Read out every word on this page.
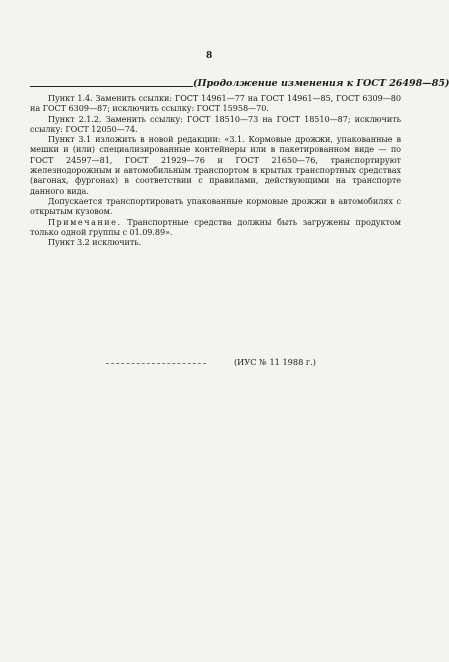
8
(Продолжение изменения к ГОСТ 26498—85)

Пункт 1.4. Заменить ссылки: ГОСТ 14961—77 на ГОСТ 14961—85, ГОСТ 6309—80 на ГОСТ 6309—87; исключить ссылку: ГОСТ 15958—70.

Пункт 2.1.2. Заменить ссылку: ГОСТ 18510—73 на ГОСТ 18510—87; исключить ссылку: ГОСТ 12050—74.

Пункт 3.1 изложить в новой редакции: «3.1. Кормовые дрожжи, упакованные в мешки и (или) специализированные контейнеры или в пакетированном виде — по ГОСТ 24597—81, ГОСТ 21929—76 и ГОСТ 21650—76, транспортируют железнодорожным и автомобильным транспортом в крытых транспортных средствах (вагонах, фургонах) в соответствии с правилами, действующими на транспорте данного вида.

Допускается транспортировать упакованные кормовые дрожжи в автомобилях с открытым кузовом.

Примечание. Транспортные средства должны быть загружены продуктом только одной группы с 01.09.89».

Пункт 3.2 исключить.

(ИУС № 11 1988 г.)
